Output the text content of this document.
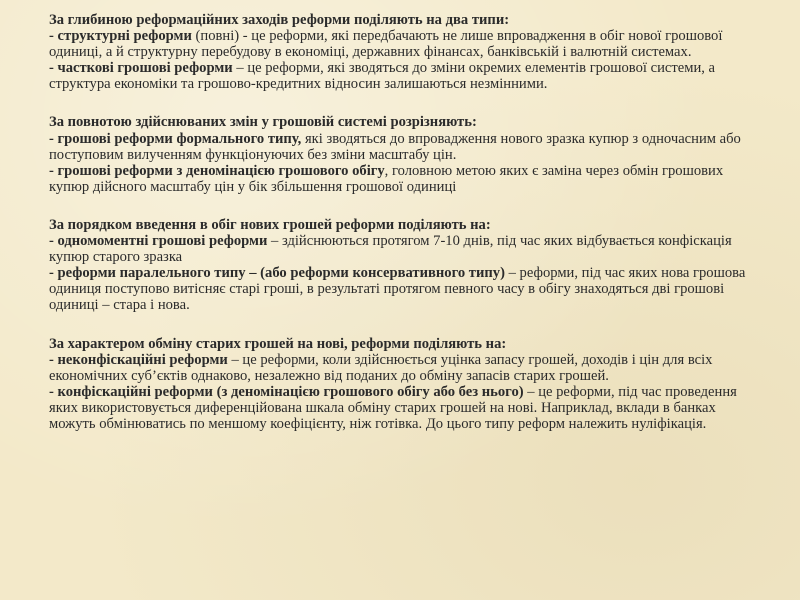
За глибиною реформаційних заходів реформи поділяють на два типи:

- структурні реформи (повні) - це реформи, які передбачають не лише впровадження в обіг нової грошової одиниці, а й структурну перебудову в економіці, державних фінансах, банківській і валютній системах.

- часткові грошові реформи – це реформи, які зводяться до зміни окремих елементів грошової системи, а структура економіки та грошово-кредитних відносин залишаються незмінними.

За повнотою здійснюваних змін у грошовій системі розрізняють:

- грошові реформи формального типу, які зводяться до впровадження нового зразка купюр з одночасним або поступовим вилученням функціонуючих без зміни масштабу цін.

- грошові реформи з деномінацією грошового обігу, головною метою яких є заміна через обмін грошових купюр дійсного масштабу цін у бік збільшення грошової одиниці

За порядком введення в обіг нових грошей реформи поділяють на:

- одномоментні грошові реформи – здійснюються протягом 7-10 днів, під час яких відбувається конфіскація купюр старого зразка

- реформи паралельного типу – (або реформи консервативного типу) – реформи, під час яких нова грошова одиниця поступово витісняє старі гроші, в результаті протягом певного часу в обігу знаходяться дві грошові одиниці – стара і нова.

За характером обміну старих грошей на нові, реформи поділяють на:

- неконфіскаційні реформи – це реформи, коли здійснюється уцінка запасу грошей, доходів і цін для всіх економічних суб’єктів однаково, незалежно від поданих до обміну запасів старих грошей.

- конфіскаційні реформи (з деномінацією грошового обігу або без нього) – це реформи, під час проведення яких використовується диференційована шкала обміну старих грошей на нові. Наприклад, вклади в банках можуть обмінюватись по меншому коефіцієнту, ніж готівка. До цього типу реформ належить нуліфікація.
